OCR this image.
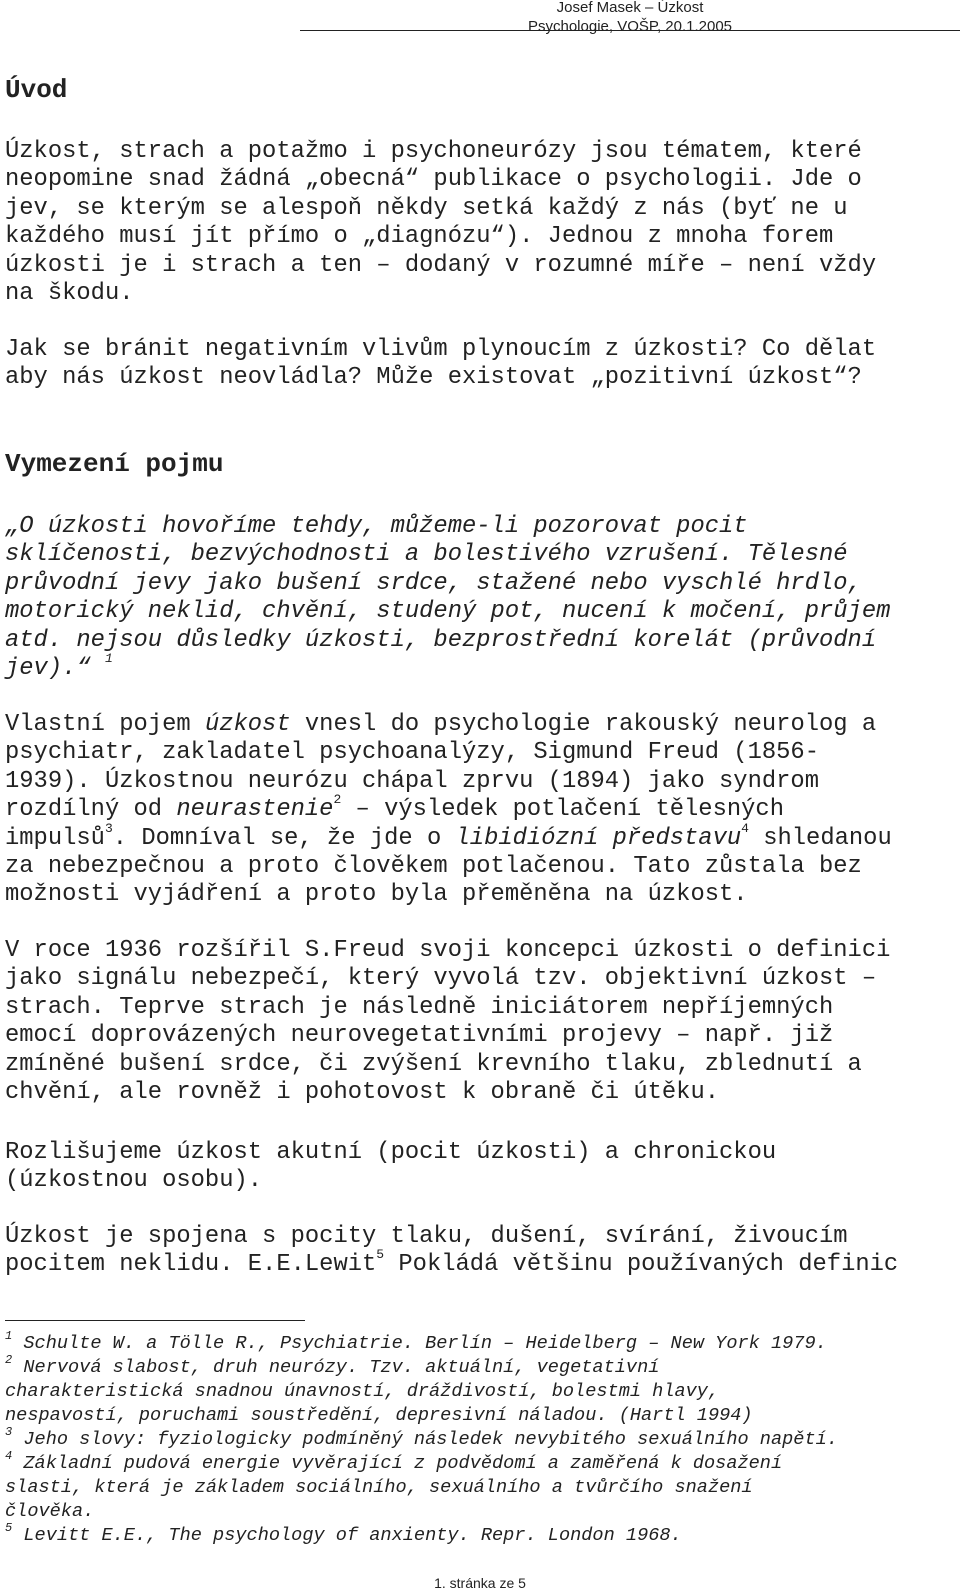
Josef Masek – Úzkost
Psychologie, VOŠP, 20.1.2005
Úvod
Úzkost, strach a potažmo i psychoneurózy jsou tématem, které
neopomine snad žádná „obecná“ publikace o psychologii. Jde o
jev, se kterým se alespoň někdy setká každý z nás (byť ne u
každého musí jít přímo o „diagnózu“). Jednou z mnoha forem
úzkosti je i strach a ten – dodaný v rozumné míře – není vždy
na škodu.
Jak se bránit negativním vlivům plynoucím z úzkosti? Co dělat
aby nás úzkost neovládla? Může existovat „pozitivní úzkost“?
Vymezení pojmu
„O úzkosti hovoříme tehdy, můžeme-li pozorovat pocit
sklíčenosti, bezvýchodnosti a bolestivého vzrušení. Tělesné
průvodní jevy jako bušení srdce, stažené nebo vyschlé hrdlo,
motorický neklid, chvění, studený pot, nucení k močení, průjem
atd. nejsou důsledky úzkosti, bezprostřední korelát (průvodní
jev).“ $^1$
Vlastní pojem úzkost vnesl do psychologie rakouský neurolog a
psychiatr, zakladatel psychoanalýzy, Sigmund Freud (1856-
1939). Úzkostnou neurózu chápal zprvu (1894) jako syndrom
rozdílný od neurastenie$^2$ – výsledek potlačení tělesných
impulsů$^3$. Domníval se, že jde o libidiózní představu$^4$ shledanou
za nebezpečnou a proto člověkem potlačenou. Tato zůstala bez
možnosti vyjádření a proto byla přeměněna na úzkost.
V roce 1936 rozšířil S.Freud svoji koncepci úzkosti o definici
jako signálu nebezpečí, který vyvolá tzv. objektivní úzkost –
strach. Teprve strach je následně iniciátorem nepříjemných
emocí doprovázených neurovegetativními projevy – např. již
zmíněné bušení srdce, či zvýšení krevního tlaku, zblednutí a
chvění, ale rovněž i pohotovost k obraně či útěku.
Rozlišujeme úzkost akutní (pocit úzkosti) a chronickou
(úzkostnou osobu).
Úzkost je spojena s pocity tlaku, dušení, svírání, živoucím
pocitem neklidu. E.E.Lewit$^5$ Pokládá většinu používaných definic
$^1$ Schulte W. a Tölle R., Psychiatrie. Berlín – Heidelberg – New York 1979.
$^2$ Nervová slabost, druh neurózy. Tzv. aktuální, vegetativní
charakteristická snadnou únavností, dráždivostí, bolestmi hlavy,
nespavostí, poruchami soustředění, depresivní náladou. (Hartl 1994)
$^3$ Jeho slovy: fyziologicky podmíněný následek nevybitého sexuálního napětí.
$^4$ Základní pudová energie vyvěrající z podvědomí a zaměřená k dosažení
slasti, která je základem sociálního, sexuálního a tvůrčího snažení
člověka.
$^5$ Levitt E.E., The psychology of anxienty. Repr. London 1968.
1. stránka ze 5
